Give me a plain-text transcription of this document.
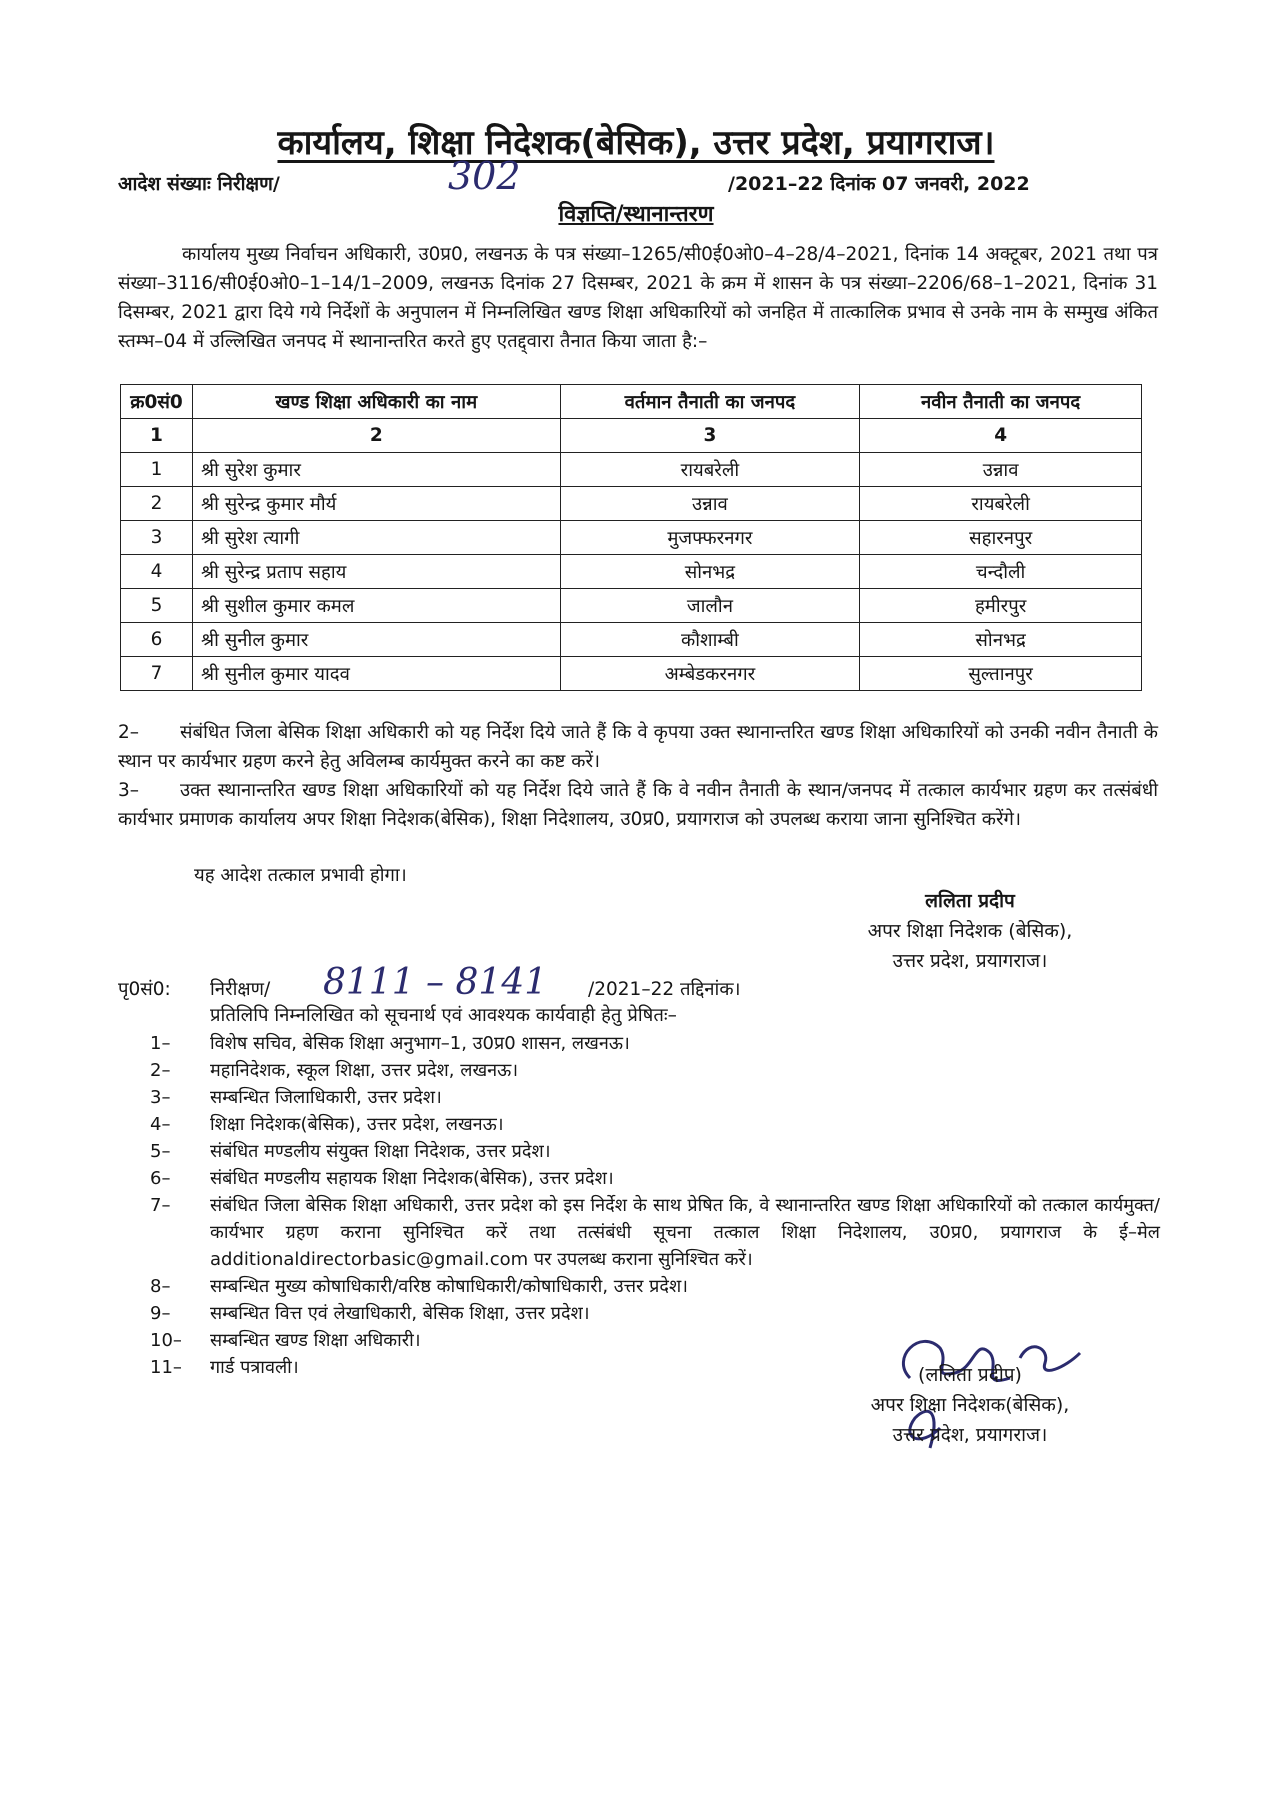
कार्यालय, शिक्षा निदेशक(बेसिक), उत्तर प्रदेश, प्रयागराज।
आदेश संख्याः निरीक्षण/	302	/2021–22 दिनांक 07 जनवरी, 2022
विज्ञप्ति/स्थानान्तरण
कार्यालय मुख्य निर्वाचन अधिकारी, उ0प्र0, लखनऊ के पत्र संख्या–1265/सी0ई0ओ0–4–28/4–2021, दिनांक 14 अक्टूबर, 2021 तथा पत्र संख्या–3116/सी0ई0ओ0–1–14/1–2009, लखनऊ दिनांक 27 दिसम्बर, 2021 के क्रम में शासन के पत्र संख्या–2206/68–1–2021, दिनांक 31 दिसम्बर, 2021 द्वारा दिये गये निर्देशों के अनुपालन में निम्नलिखित खण्ड शिक्षा अधिकारियों को जनहित में तात्कालिक प्रभाव से उनके नाम के सम्मुख अंकित स्तम्भ–04 में उल्लिखित जनपद में स्थानान्तरित करते हुए एतद्द्वारा तैनात किया जाता है:–
क्र0सं0	खण्ड शिक्षा अधिकारी का नाम	वर्तमान तैनाती का जनपद	नवीन तैनाती का जनपद
1	2	3	4
1	श्री सुरेश कुमार	रायबरेली	उन्नाव
2	श्री सुरेन्द्र कुमार मौर्य	उन्नाव	रायबरेली
3	श्री सुरेश त्यागी	मुजफ्फरनगर	सहारनपुर
4	श्री सुरेन्द्र प्रताप सहाय	सोनभद्र	चन्दौली
5	श्री सुशील कुमार कमल	जालौन	हमीरपुर
6	श्री सुनील कुमार	कौशाम्बी	सोनभद्र
7	श्री सुनील कुमार यादव	अम्बेडकरनगर	सुल्तानपुर
2– संबंधित जिला बेसिक शिक्षा अधिकारी को यह निर्देश दिये जाते हैं कि वे कृपया उक्त स्थानान्तरित खण्ड शिक्षा अधिकारियों को उनकी नवीन तैनाती के स्थान पर कार्यभार ग्रहण करने हेतु अविलम्ब कार्यमुक्त करने का कष्ट करें।
3– उक्त स्थानान्तरित खण्ड शिक्षा अधिकारियों को यह निर्देश दिये जाते हैं कि वे नवीन तैनाती के स्थान/जनपद में तत्काल कार्यभार ग्रहण कर तत्संबंधी कार्यभार प्रमाणक कार्यालय अपर शिक्षा निदेशक(बेसिक), शिक्षा निदेशालय, उ0प्र0, प्रयागराज को उपलब्ध कराया जाना सुनिश्चित करेंगे।
यह आदेश तत्काल प्रभावी होगा।
ललिता प्रदीप
अपर शिक्षा निदेशक (बेसिक),
उत्तर प्रदेश, प्रयागराज।
पृ0सं0: निरीक्षण/ 8111 – 8141 /2021–22 तद्दिनांक।
प्रतिलिपि निम्नलिखित को सूचनार्थ एवं आवश्यक कार्यवाही हेतु प्रेषितः–
1–	विशेष सचिव, बेसिक शिक्षा अनुभाग–1, उ0प्र0 शासन, लखनऊ।
2–	महानिदेशक, स्कूल शिक्षा, उत्तर प्रदेश, लखनऊ।
3–	सम्बन्धित जिलाधिकारी, उत्तर प्रदेश।
4–	शिक्षा निदेशक(बेसिक), उत्तर प्रदेश, लखनऊ।
5–	संबंधित मण्डलीय संयुक्त शिक्षा निदेशक, उत्तर प्रदेश।
6–	संबंधित मण्डलीय सहायक शिक्षा निदेशक(बेसिक), उत्तर प्रदेश।
7–	संबंधित जिला बेसिक शिक्षा अधिकारी, उत्तर प्रदेश को इस निर्देश के साथ प्रेषित कि, वे स्थानान्तरित खण्ड शिक्षा अधिकारियों को तत्काल कार्यमुक्त/कार्यभार ग्रहण कराना सुनिश्चित करें तथा तत्संबंधी सूचना तत्काल शिक्षा निदेशालय, उ0प्र0, प्रयागराज के ई–मेल additionaldirectorbasic@gmail.com पर उपलब्ध कराना सुनिश्चित करें।
8–	सम्बन्धित मुख्य कोषाधिकारी/वरिष्ठ कोषाधिकारी/कोषाधिकारी, उत्तर प्रदेश।
9–	सम्बन्धित वित्त एवं लेखाधिकारी, बेसिक शिक्षा, उत्तर प्रदेश।
10–	सम्बन्धित खण्ड शिक्षा अधिकारी।
11–	गार्ड पत्रावली।	(ललिता प्रदीप)
अपर शिक्षा निदेशक(बेसिक),
उत्तर प्रदेश, प्रयागराज।
